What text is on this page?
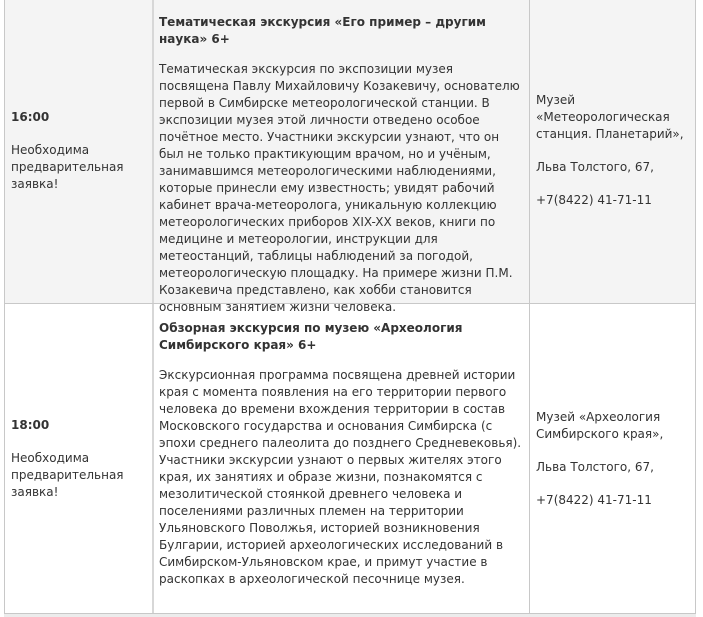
16:00
Необходима предварительная заявка!
Тематическая экскурсия «Его пример – другим наука» 6+
Тематическая экскурсия по экспозиции музея посвящена Павлу Михайловичу Козакевичу, основателю первой в Симбирске метеорологической станции. В экспозиции музея этой личности отведено особое почётное место. Участники экскурсии узнают, что он был не только практикующим врачом, но и учёным, занимавшимся метеорологическими наблюдениями, которые принесли ему известность; увидят рабочий кабинет врача-метеоролога, уникальную коллекцию метеорологических приборов XIX-XX веков, книги по медицине и метеорологии, инструкции для метеостанций, таблицы наблюдений за погодой, метеорологическую площадку. На примере жизни П.М. Козакевича представлено, как хобби становится основным занятием жизни человека.
Музей «Метеорологическая станция. Планетарий»,
Льва Толстого, 67,
+7(8422) 41-71-11
18:00
Необходима предварительная заявка!
Обзорная экскурсия по музею «Археология Симбирского края» 6+
Экскурсионная программа посвящена древней истории края с момента появления на его территории первого человека до времени вхождения территории в состав Московского государства и основания Симбирска (с эпохи среднего палеолита до позднего Средневековья). Участники экскурсии узнают о первых жителях этого края, их занятиях и образе жизни, познакомятся с мезолитической стоянкой древнего человека и поселениями различных племен на территории Ульяновского Поволжья, историей возникновения Булгарии, историей археологических исследований в Симбирском-Ульяновском крае, и примут участие в раскопках в археологической песочнице музея.
Музей «Археология Симбирского края»,
Льва Толстого, 67,
+7(8422) 41-71-11
